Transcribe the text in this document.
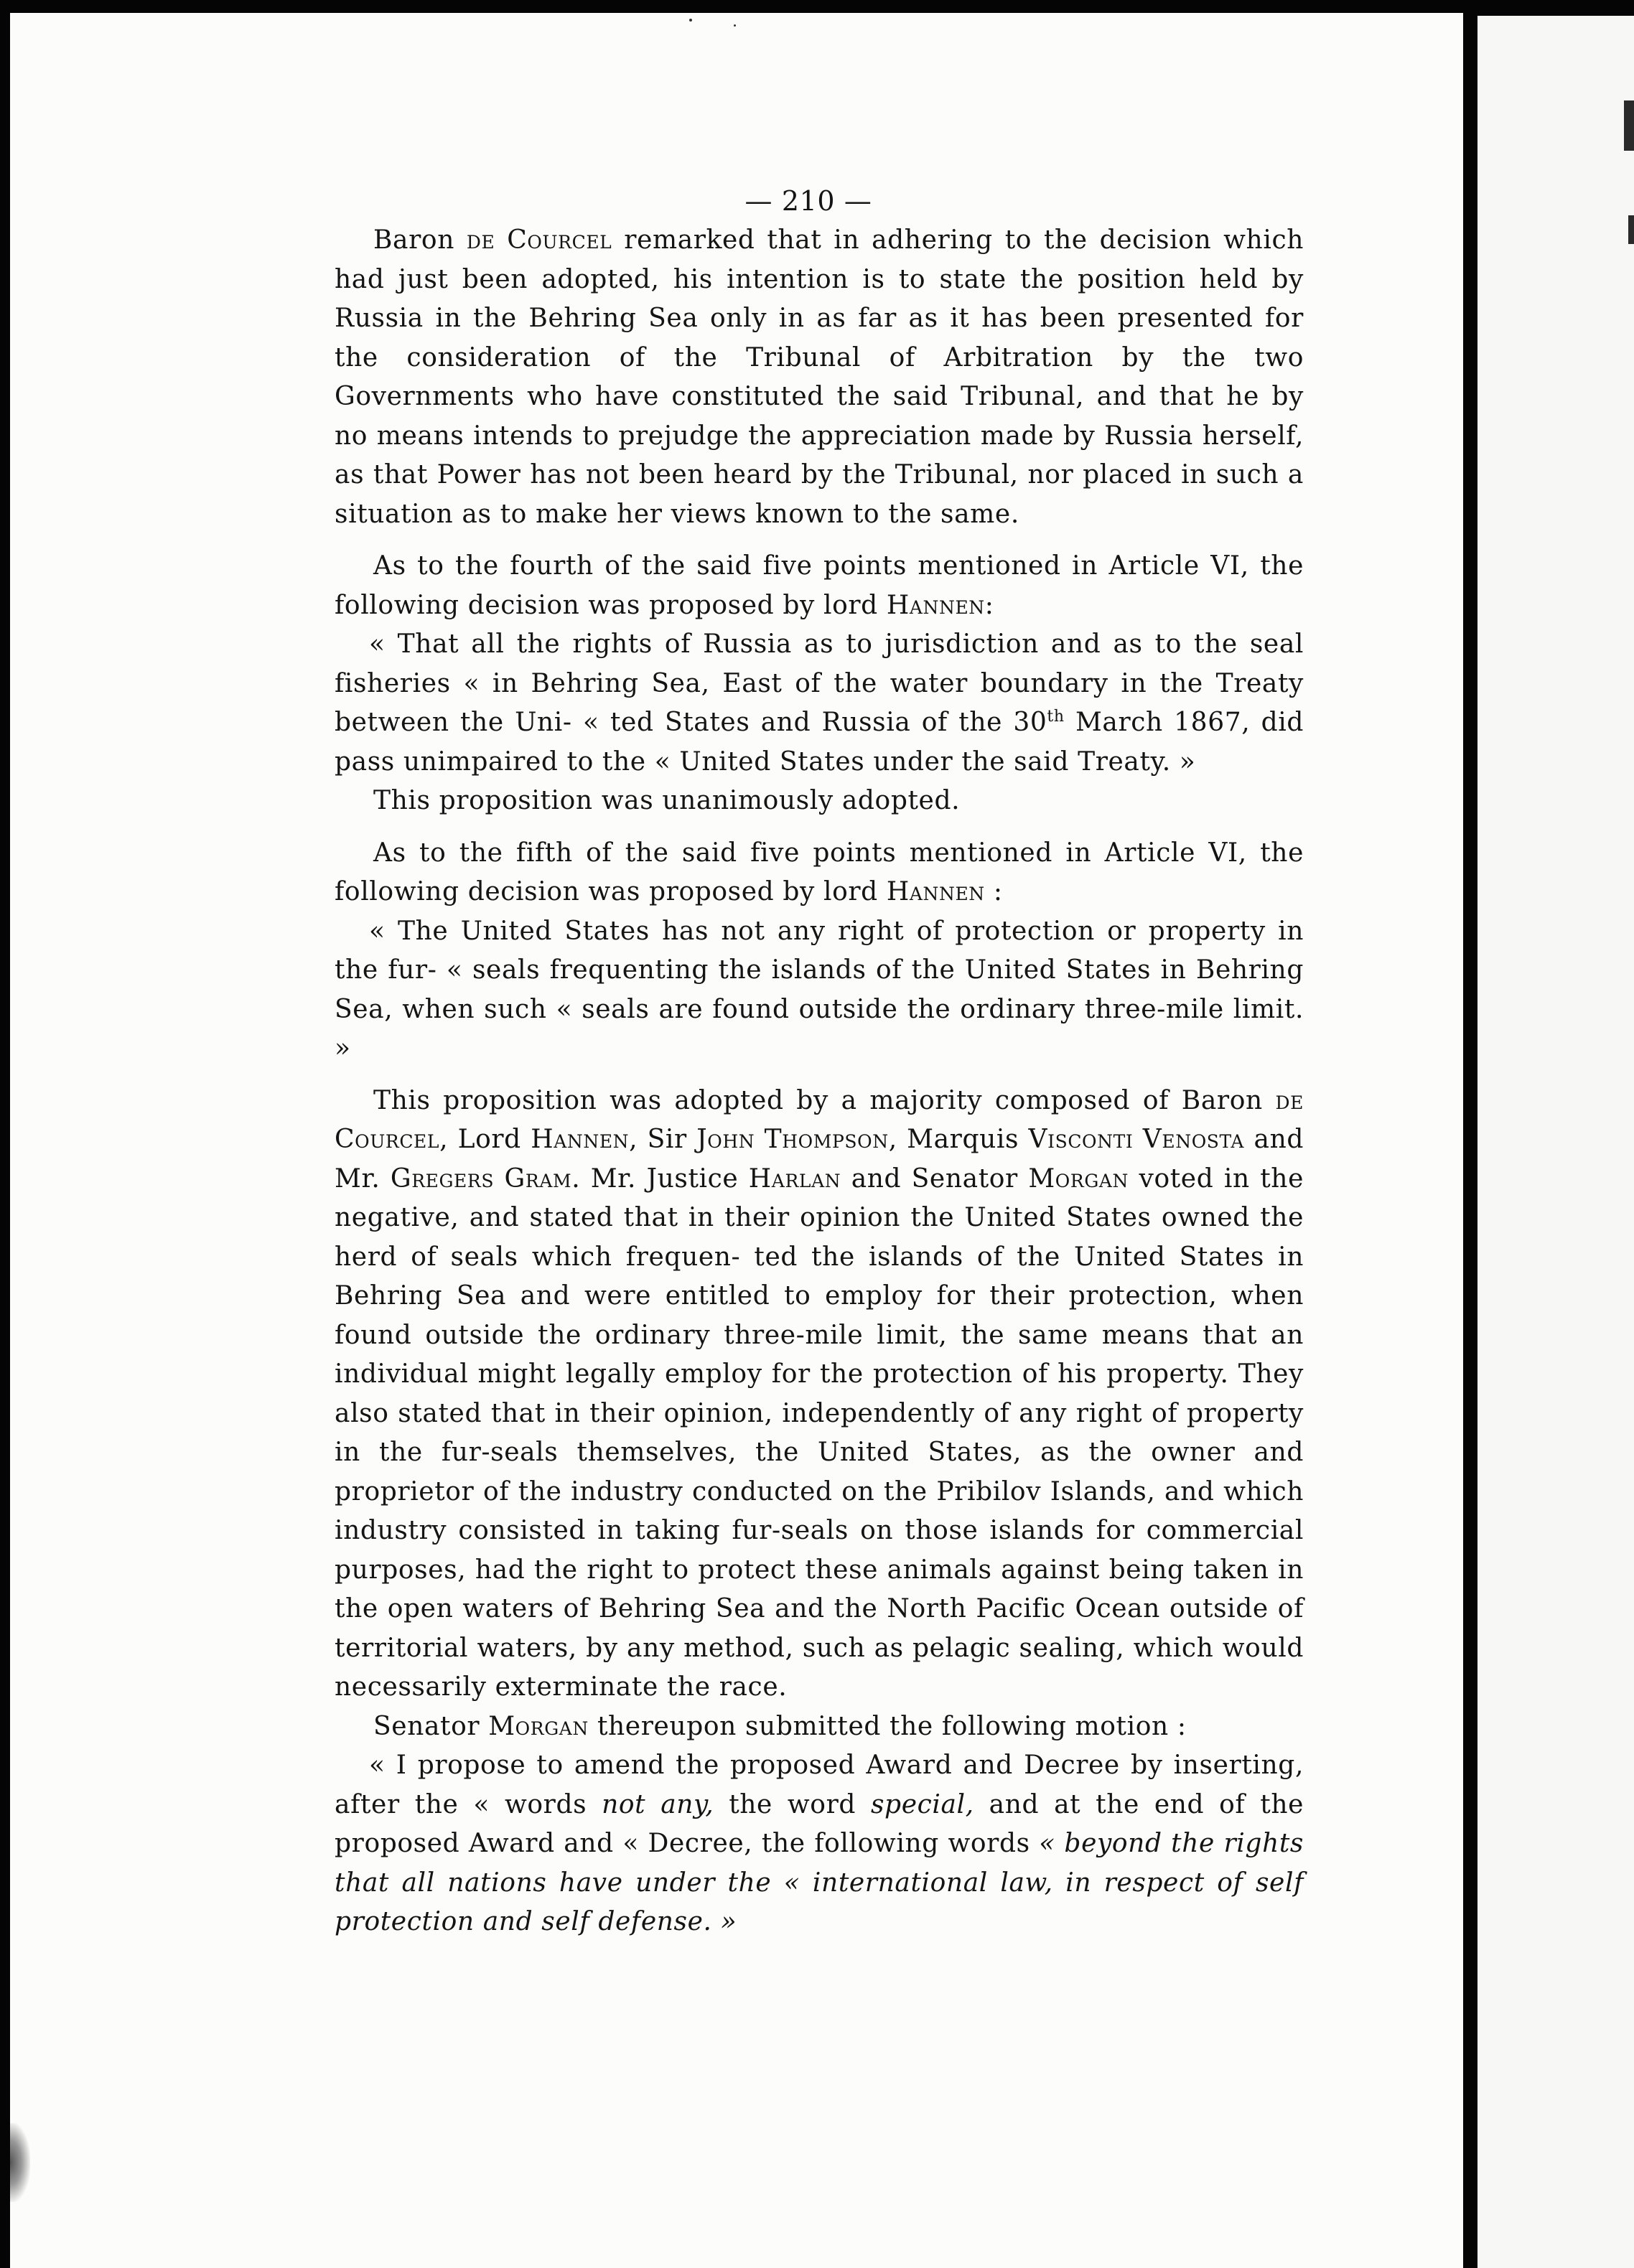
— 210 —

Baron de Courcel remarked that in adhering to the decision which had just been adopted, his intention is to state the position held by Russia in the Behring Sea only in as far as it has been presented for the consideration of the Tribunal of Arbitration by the two Governments who have constituted the said Tribunal, and that he by no means intends to prejudge the appreciation made by Russia herself, as that Power has not been heard by the Tribunal, nor placed in such a situation as to make her views known to the same.

As to the fourth of the said five points mentioned in Article VI, the following decision was proposed by lord Hannen:

« That all the rights of Russia as to jurisdiction and as to the seal fisheries « in Behring Sea, East of the water boundary in the Treaty between the Uni- « ted States and Russia of the 30th March 1867, did pass unimpaired to the « United States under the said Treaty. »

This proposition was unanimously adopted.

As to the fifth of the said five points mentioned in Article VI, the following decision was proposed by lord Hannen :

« The United States has not any right of protection or property in the fur- « seals frequenting the islands of the United States in Behring Sea, when such « seals are found outside the ordinary three-mile limit. »

This proposition was adopted by a majority composed of Baron de Courcel, Lord Hannen, Sir John Thompson, Marquis Visconti Venosta and Mr. Gregers Gram. Mr. Justice Harlan and Senator Morgan voted in the negative, and stated that in their opinion the United States owned the herd of seals which frequen- ted the islands of the United States in Behring Sea and were entitled to employ for their protection, when found outside the ordinary three-mile limit, the same means that an individual might legally employ for the protection of his property. They also stated that in their opinion, independently of any right of property in the fur-seals themselves, the United States, as the owner and proprietor of the industry conducted on the Pribilov Islands, and which industry consisted in taking fur-seals on those islands for commercial purposes, had the right to protect these animals against being taken in the open waters of Behring Sea and the North Pacific Ocean outside of territorial waters, by any method, such as pelagic sealing, which would necessarily exterminate the race.

Senator Morgan thereupon submitted the following motion :

« I propose to amend the proposed Award and Decree by inserting, after the « words not any, the word special, and at the end of the proposed Award and « Decree, the following words « beyond the rights that all nations have under the « international law, in respect of self protection and self defense. »
